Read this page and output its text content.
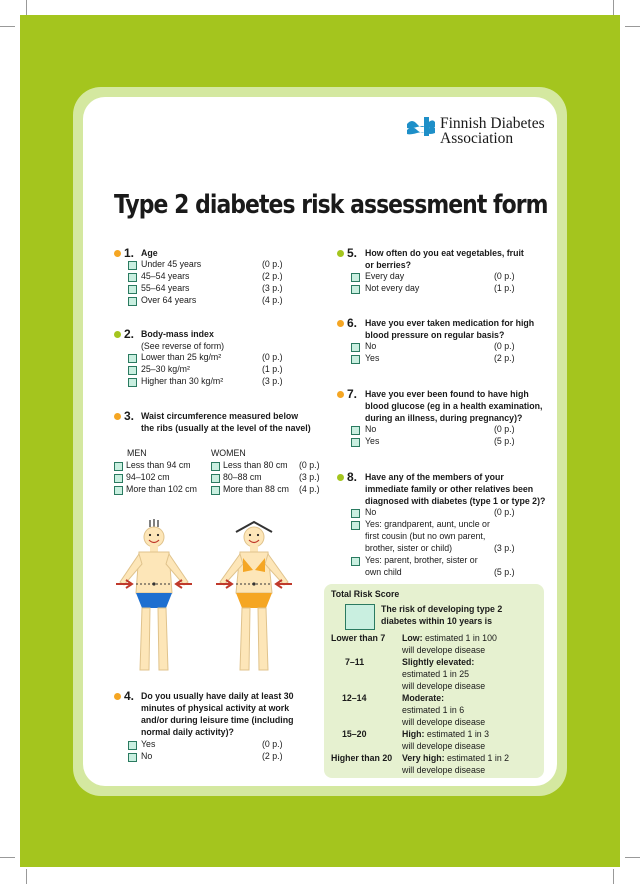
Finnish Diabetes
Association
Type 2 diabetes risk assessment form
1. Age
Under 45 years	(0 p.)
45–54 years	(2 p.)
55–64 years	(3 p.)
Over 64 years	(4 p.)
2. Body-mass index
(See reverse of form)
Lower than 25 kg/m²	(0 p.)
25–30 kg/m²	(1 p.)
Higher than 30 kg/m²	(3 p.)
3. Waist circumference measured below
the ribs (usually at the level of the navel)
MEN	WOMEN
Less than 94 cm	Less than 80 cm (0 p.)
94–102 cm	80–88 cm	(3 p.)
More than 102 cm	More than 88 cm (4 p.)
4. Do you usually have daily at least 30
minutes of physical activity at work
and/or during leisure time (including
normal daily activity)?
Yes	(0 p.)
No	(2 p.)
5. How often do you eat vegetables, fruit
or berries?
Every day	(0 p.)
Not every day	(1 p.)
6. Have you ever taken medication for high
blood pressure on regular basis?
No	(0 p.)
Yes	(2 p.)
7. Have you ever been found to have high
blood glucose (eg in a health examination,
during an illness, during pregnancy)?
No	(0 p.)
Yes	(5 p.)
8. Have any of the members of your
immediate family or other relatives been
diagnosed with diabetes (type 1 or type 2)?
No	(0 p.)
Yes: grandparent, aunt, uncle or
first cousin (but no own parent,
brother, sister or child)	(3 p.)
Yes: parent, brother, sister or
own child	(5 p.)
Total Risk Score
The risk of developing type 2
diabetes within 10 years is
Lower than 7 Low: estimated 1 in 100
will develope disease
7–11	Slightly elevated:
estimated 1 in 25
will develope disease
12–14	Moderate:
estimated 1 in 6
will develope disease
15–20	High: estimated 1 in 3
will develope disease
Higher than 20 Very high: estimated 1 in 2
will develope disease
